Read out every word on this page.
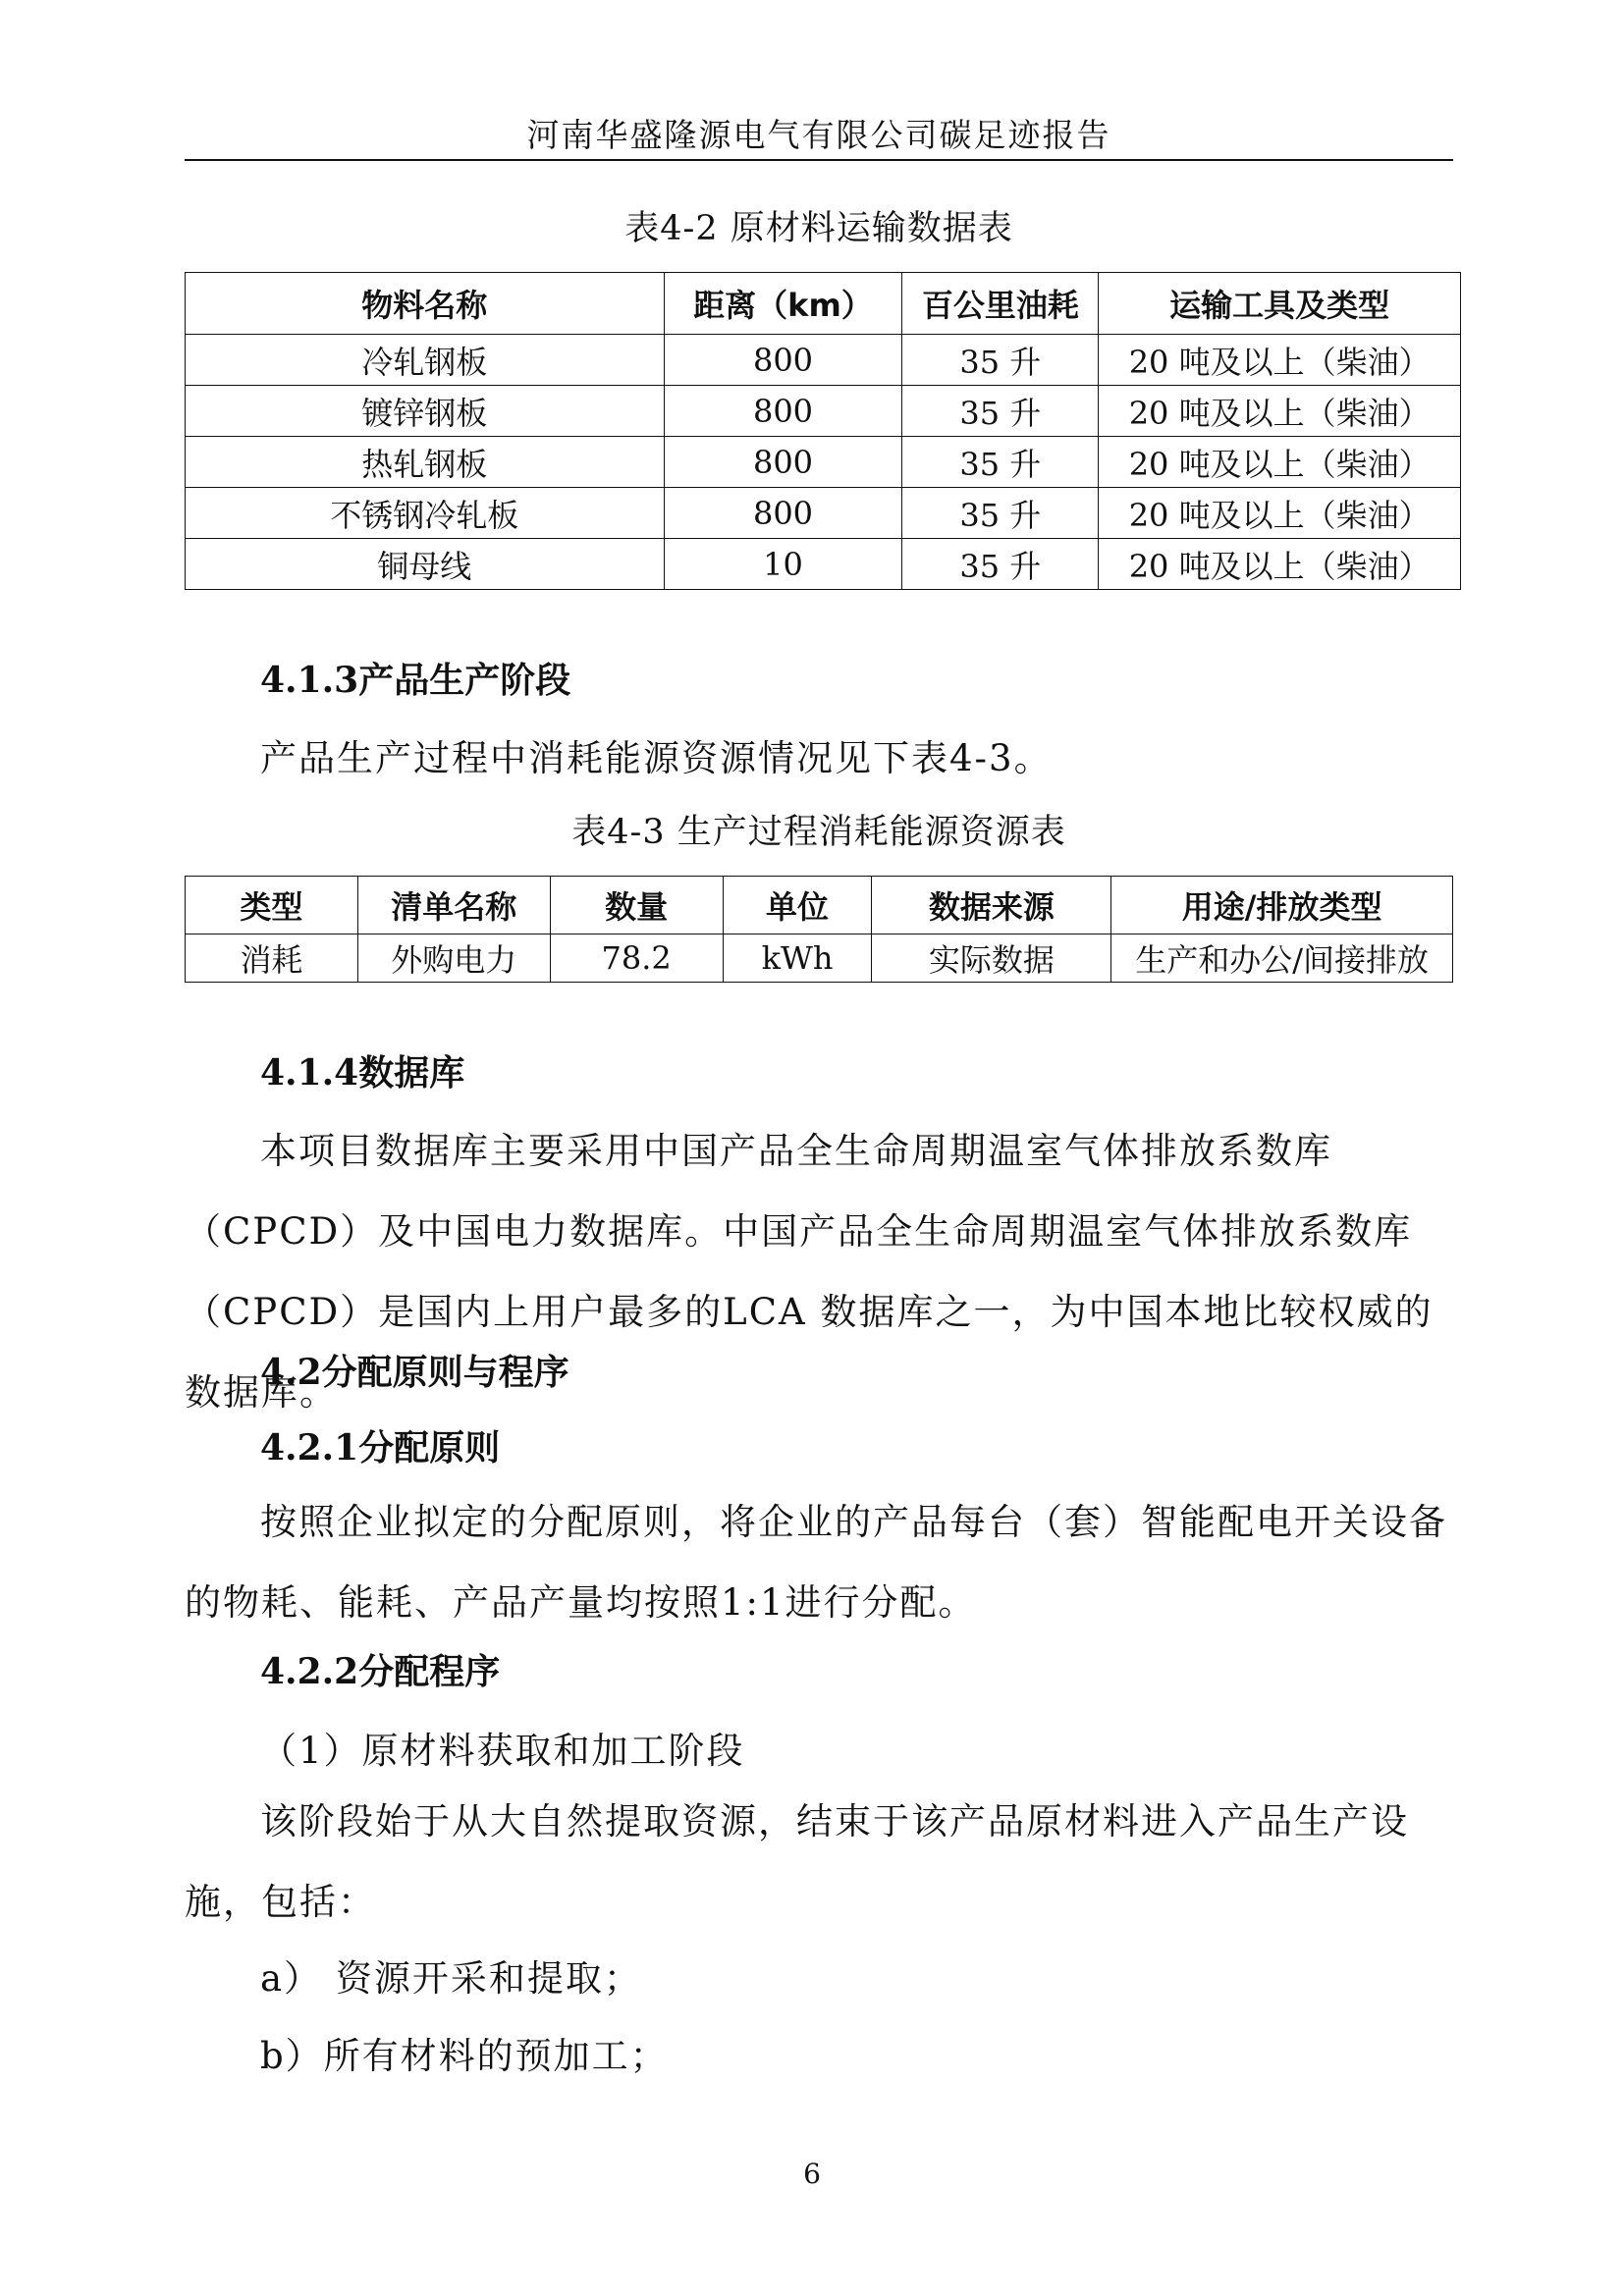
河南华盛隆源电气有限公司碳足迹报告
表4-2 原材料运输数据表
物料名称	距离（km）	百公里油耗	运输工具及类型
冷轧钢板	800	35 升	20 吨及以上（柴油）
镀锌钢板	800	35 升	20 吨及以上（柴油）
热轧钢板	800	35 升	20 吨及以上（柴油）
不锈钢冷轧板	800	35 升	20 吨及以上（柴油）
铜母线	10	35 升	20 吨及以上（柴油）
4.1.3产品生产阶段
产品生产过程中消耗能源资源情况见下表4-3。
表4-3 生产过程消耗能源资源表
类型	清单名称	数量	单位	数据来源	用途/排放类型
消耗	外购电力	78.2	kWh	实际数据	生产和办公/间接排放
4.1.4数据库
本项目数据库主要采用中国产品全生命周期温室气体排放系数库（CPCD）及中国电力数据库。中国产品全生命周期温室气体排放系数库（CPCD）是国内上用户最多的LCA 数据库之一，为中国本地比较权威的数据库。
4.2分配原则与程序
4.2.1分配原则
按照企业拟定的分配原则，将企业的产品每台（套）智能配电开关设备的物耗、能耗、产品产量均按照1:1进行分配。
4.2.2分配程序
（1）原材料获取和加工阶段
该阶段始于从大自然提取资源，结束于该产品原材料进入产品生产设施，包括：
a） 资源开采和提取；
b）所有材料的预加工；
6
